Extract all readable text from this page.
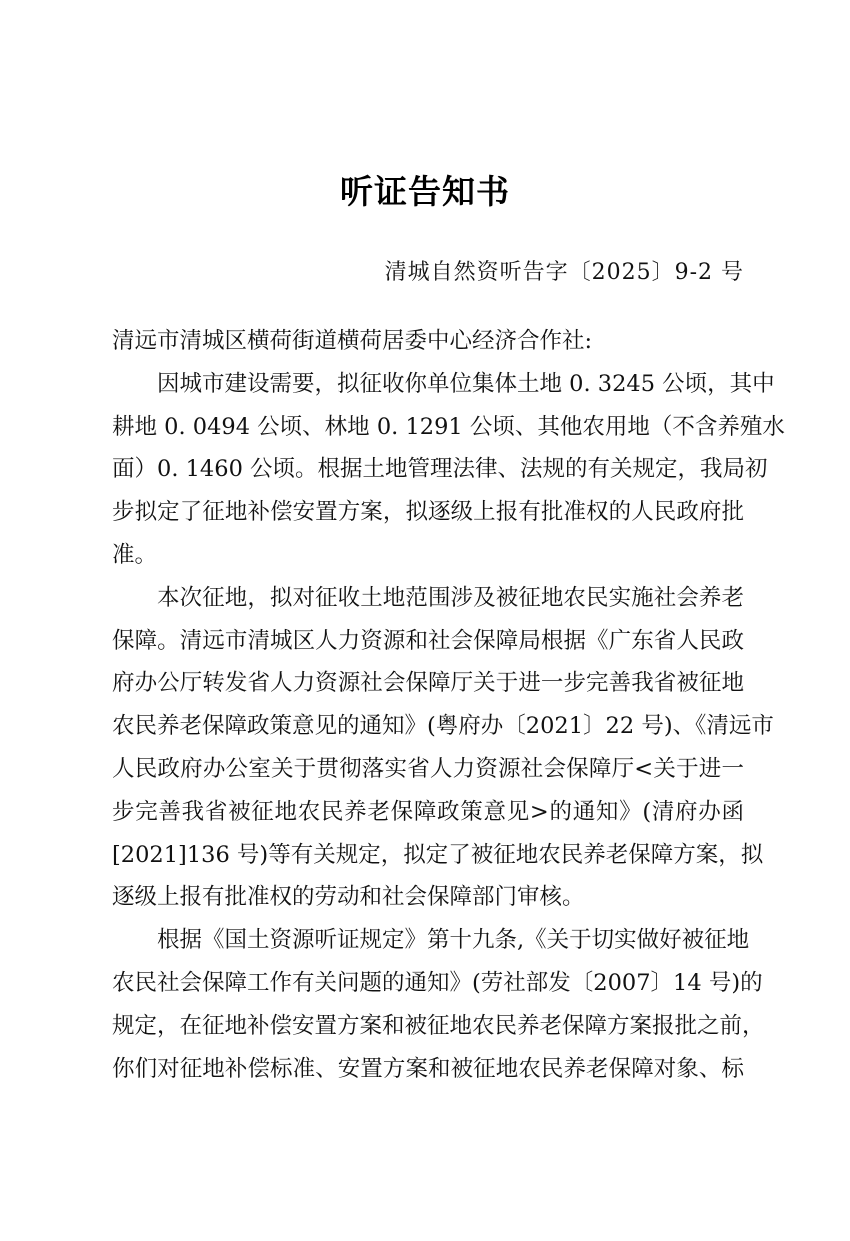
听证告知书
清城自然资听告字〔2025〕9-2 号
清远市清城区横荷街道横荷居委中心经济合作社:
因城市建设需要，拟征收你单位集体土地 0. 3245 公顷，其中
耕地 0. 0494 公顷、林地 0. 1291 公顷、其他农用地（不含养殖水
面）0. 1460 公顷。根据土地管理法律、法规的有关规定，我局初
步拟定了征地补偿安置方案，拟逐级上报有批准权的人民政府批
准。
本次征地，拟对征收土地范围涉及被征地农民实施社会养老
保障。清远市清城区人力资源和社会保障局根据《广东省人民政
府办公厅转发省人力资源社会保障厅关于进一步完善我省被征地
农民养老保障政策意见的通知》(粤府办〔2021〕22 号)、《清远市
人民政府办公室关于贯彻落实省人力资源社会保障厅<关于进一
步完善我省被征地农民养老保障政策意见>的通知》(清府办函
[2021]136 号)等有关规定，拟定了被征地农民养老保障方案，拟
逐级上报有批准权的劳动和社会保障部门审核。
根据《国土资源听证规定》第十九条,《关于切实做好被征地
农民社会保障工作有关问题的通知》(劳社部发〔2007〕14 号)的
规定，在征地补偿安置方案和被征地农民养老保障方案报批之前，
你们对征地补偿标准、安置方案和被征地农民养老保障对象、标
